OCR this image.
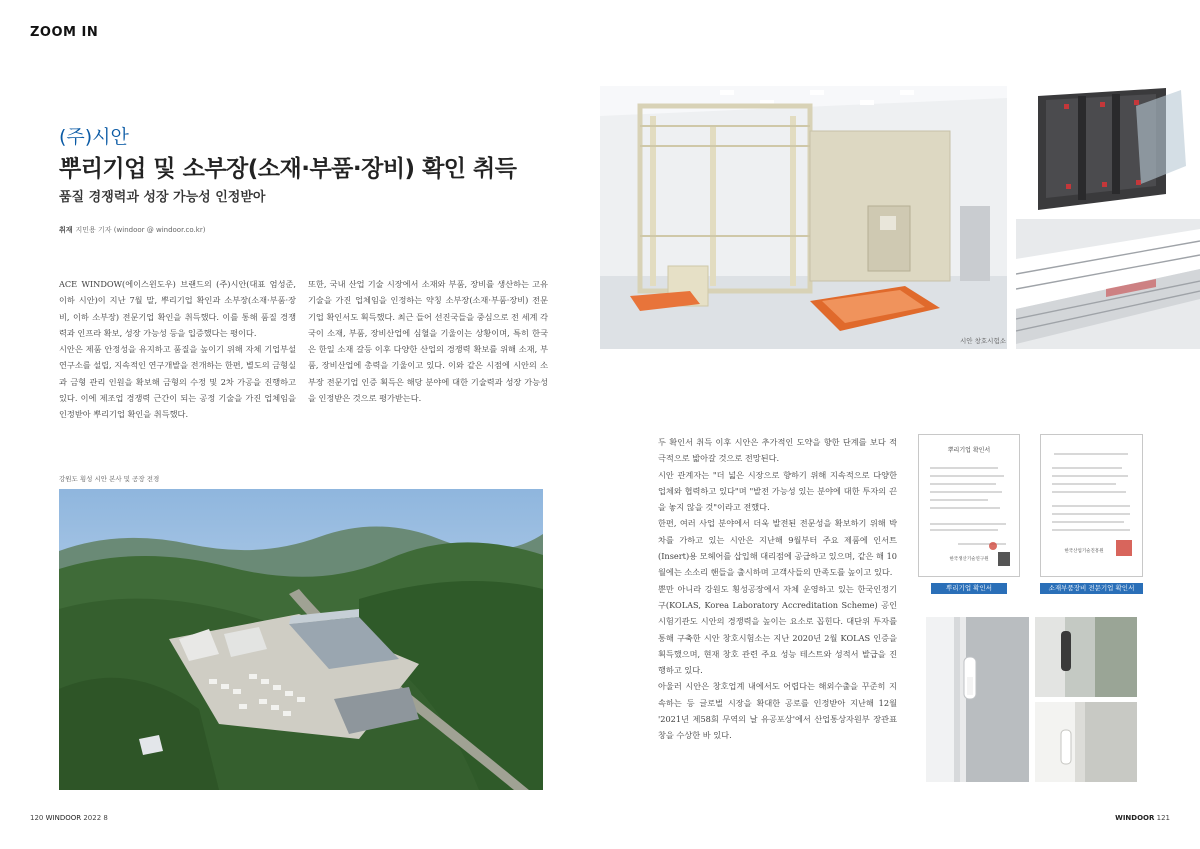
ZOOM IN
(주)시안
뿌리기업 및 소부장(소재·부품·장비) 확인 취득
품질 경쟁력과 성장 가능성 인정받아
취재 지민용 기자 (windoor @ windoor.co.kr)

ACE WINDOW(에이스윈도우) 브랜드의 (주)시안(대표 엄성준, 이하 시안)이 지난 7월 말, 뿌리기업 확인과 소부장(소재·부품·장비, 이하 소부장) 전문기업 확인을 취득했다. 이를 통해 품질 경쟁력과 인프라 확보, 성장 가능성 등을 입증했다는 평이다.

시안은 제품 안정성을 유지하고 품질을 높이기 위해 자체 기업부설연구소를 설립, 지속적인 연구개발을 전개하는 한편, 별도의 금형실과 금형 관리 인원을 확보해 금형의 수정 및 2차 가공을 진행하고 있다. 이에 제조업 경쟁력 근간이 되는 공정 기술을 가진 업체임을 인정받아 뿌리기업 확인을 취득했다.

또한, 국내 산업 기술 시장에서 소재와 부품, 장비를 생산하는 고유 기술을 가진 업체임을 인정하는 약칭 소부장(소재·부품·장비) 전문기업 확인서도 획득했다. 최근 들어 선진국들을 중심으로 전 세계 각국이 소재, 부품, 장비산업에 심혈을 기울이는 상황이며, 특히 한국은 한일 소재 갈등 이후 다양한 산업의 경쟁력 확보를 위해 소재, 부품, 장비산업에 총력을 기울이고 있다. 이와 같은 시점에 시안의 소부장 전문기업 인증 획득은 해당 분야에 대한 기술력과 성장 가능성을 인정받은 것으로 평가받는다.

두 확인서 취득 이후 시안은 추가적인 도약을 향한 단계를 보다 적극적으로 밟아갈 것으로 전망된다.

시안 관계자는 "더 넓은 시장으로 향하기 위해 지속적으로 다양한 업체와 협력하고 있다"며 "발전 가능성 있는 분야에 대한 투자의 끈을 놓지 않을 것"이라고 전했다.

한편, 여러 사업 분야에서 더욱 발전된 전문성을 확보하기 위해 박차를 가하고 있는 시안은 지난해 9월부터 주요 제품에 인서트(Insert)용 모헤어를 삽입해 대리점에 공급하고 있으며, 같은 해 10월에는 소소리 핸들을 출시하며 고객사들의 만족도를 높이고 있다.

뿐만 아니라 강원도 횡성공장에서 자체 운영하고 있는 한국인정기구(KOLAS, Korea Laboratory Accreditation Scheme) 공인시험기관도 시안의 경쟁력을 높이는 요소로 꼽힌다. 대단위 투자를 통해 구축한 시안 창호시험소는 지난 2020년 2월 KOLAS 인증을 획득했으며, 현재 창호 관련 주요 성능 테스트와 성적서 발급을 진행하고 있다.

아울러 시안은 창호업계 내에서도 어렵다는 해외수출을 꾸준히 지속하는 등 글로벌 시장을 확대한 공로를 인정받아 지난해 12월 '2021년 제58회 무역의 날 유공포상'에서 산업통상자원부 장관표창을 수상한 바 있다.

강원도 횡성 시안 본사 및 공장 전경
시안 창호시험소
뿌리기업 확인서
한국생산기술연구원
한국산업기술진흥원
뿌리기업 확인서	소재부품장비 전문기업 확인서
120 WINDOOR 2022 8	WINDOOR 121
